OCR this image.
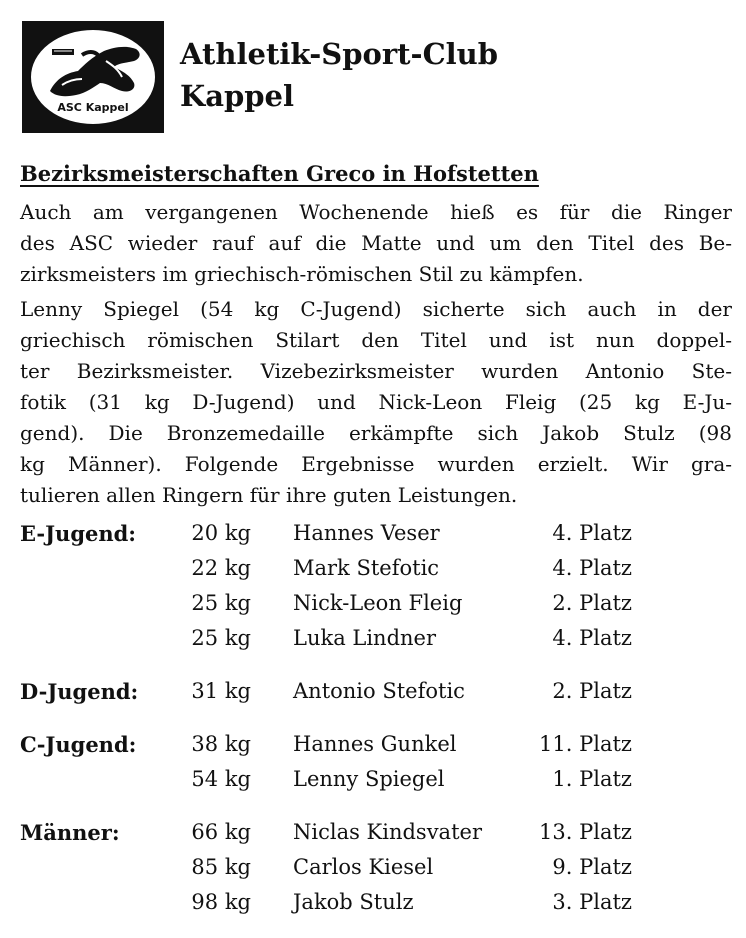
ASC Kappel
Athletik-Sport-Club
Kappel
Bezirksmeisterschaften Greco in Hofstetten
Auch am vergangenen Wochenende hieß es für die Ringer
des ASC wieder rauf auf die Matte und um den Titel des Be-
zirksmeisters im griechisch-römischen Stil zu kämpfen.
Lenny Spiegel (54 kg C-Jugend) sicherte sich auch in der
griechisch römischen Stilart den Titel und ist nun doppel-
ter Bezirksmeister. Vizebezirksmeister wurden Antonio Ste-
fotik (31 kg D-Jugend) und Nick-Leon Fleig (25 kg E-Ju-
gend). Die Bronzemedaille erkämpfte sich Jakob Stulz (98
kg Männer). Folgende Ergebnisse wurden erzielt. Wir gra-
tulieren allen Ringern für ihre guten Leistungen.
E-Jugend:	20 kg Hannes Veser	4. Platz
22 kg Mark Stefotic	4. Platz
25 kg Nick-Leon Fleig	2. Platz
25 kg Luka Lindner	4. Platz
D-Jugend:	31 kg Antonio Stefotic	2. Platz
C-Jugend:	38 kg Hannes Gunkel	11. Platz
54 kg Lenny Spiegel	1. Platz
Männer:	66 kg Niclas Kindsvater	13. Platz
85 kg Carlos Kiesel	9. Platz
98 kg Jakob Stulz	3. Platz
